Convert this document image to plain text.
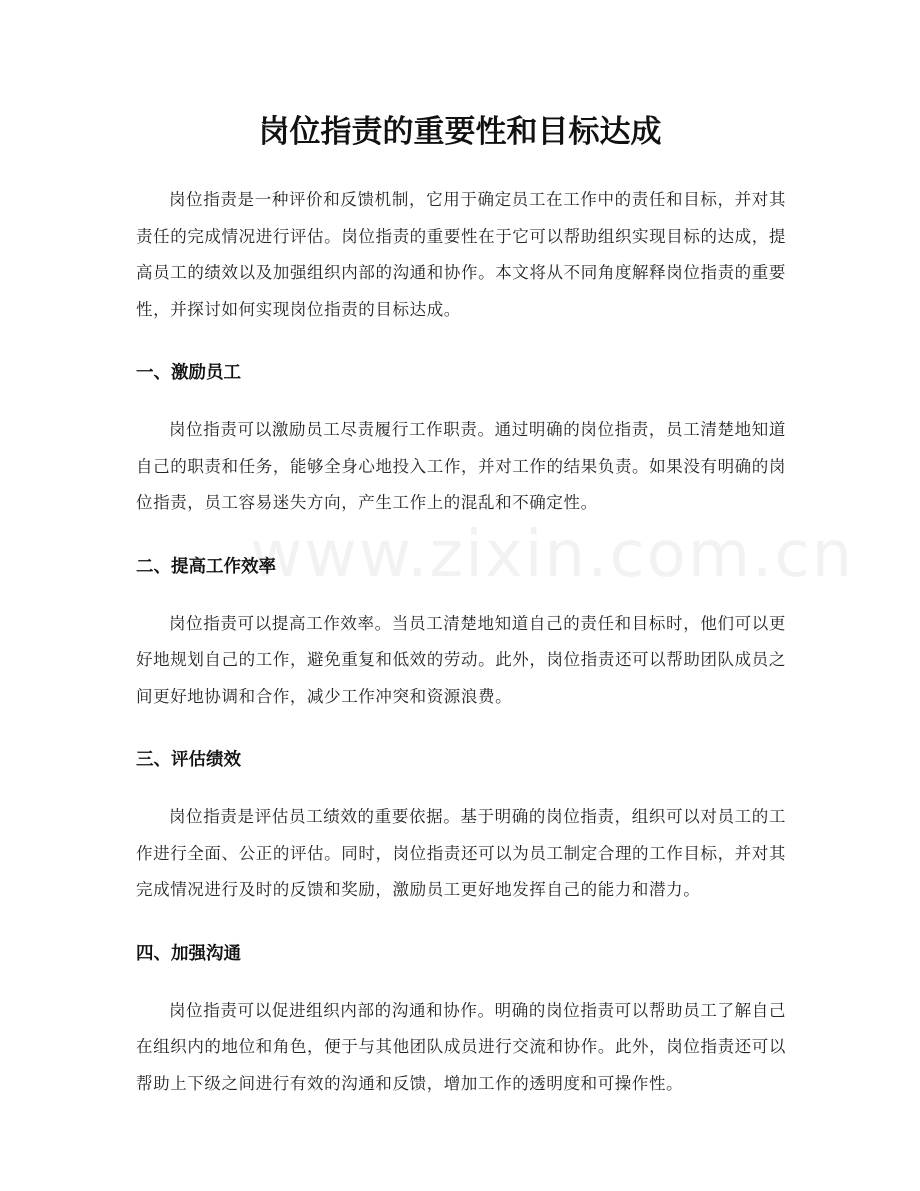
www.zixin.com.cn
岗位指责的重要性和目标达成

岗位指责是一种评价和反馈机制，它用于确定员工在工作中的责任和目标，并对其责任的完成情况进行评估。岗位指责的重要性在于它可以帮助组织实现目标的达成，提高员工的绩效以及加强组织内部的沟通和协作。本文将从不同角度解释岗位指责的重要性，并探讨如何实现岗位指责的目标达成。

一、激励员工

岗位指责可以激励员工尽责履行工作职责。通过明确的岗位指责，员工清楚地知道自己的职责和任务，能够全身心地投入工作，并对工作的结果负责。如果没有明确的岗位指责，员工容易迷失方向，产生工作上的混乱和不确定性。

二、提高工作效率

岗位指责可以提高工作效率。当员工清楚地知道自己的责任和目标时，他们可以更好地规划自己的工作，避免重复和低效的劳动。此外，岗位指责还可以帮助团队成员之间更好地协调和合作，减少工作冲突和资源浪费。

三、评估绩效

岗位指责是评估员工绩效的重要依据。基于明确的岗位指责，组织可以对员工的工作进行全面、公正的评估。同时，岗位指责还可以为员工制定合理的工作目标，并对其完成情况进行及时的反馈和奖励，激励员工更好地发挥自己的能力和潜力。

四、加强沟通

岗位指责可以促进组织内部的沟通和协作。明确的岗位指责可以帮助员工了解自己在组织内的地位和角色，便于与其他团队成员进行交流和协作。此外，岗位指责还可以帮助上下级之间进行有效的沟通和反馈，增加工作的透明度和可操作性。
